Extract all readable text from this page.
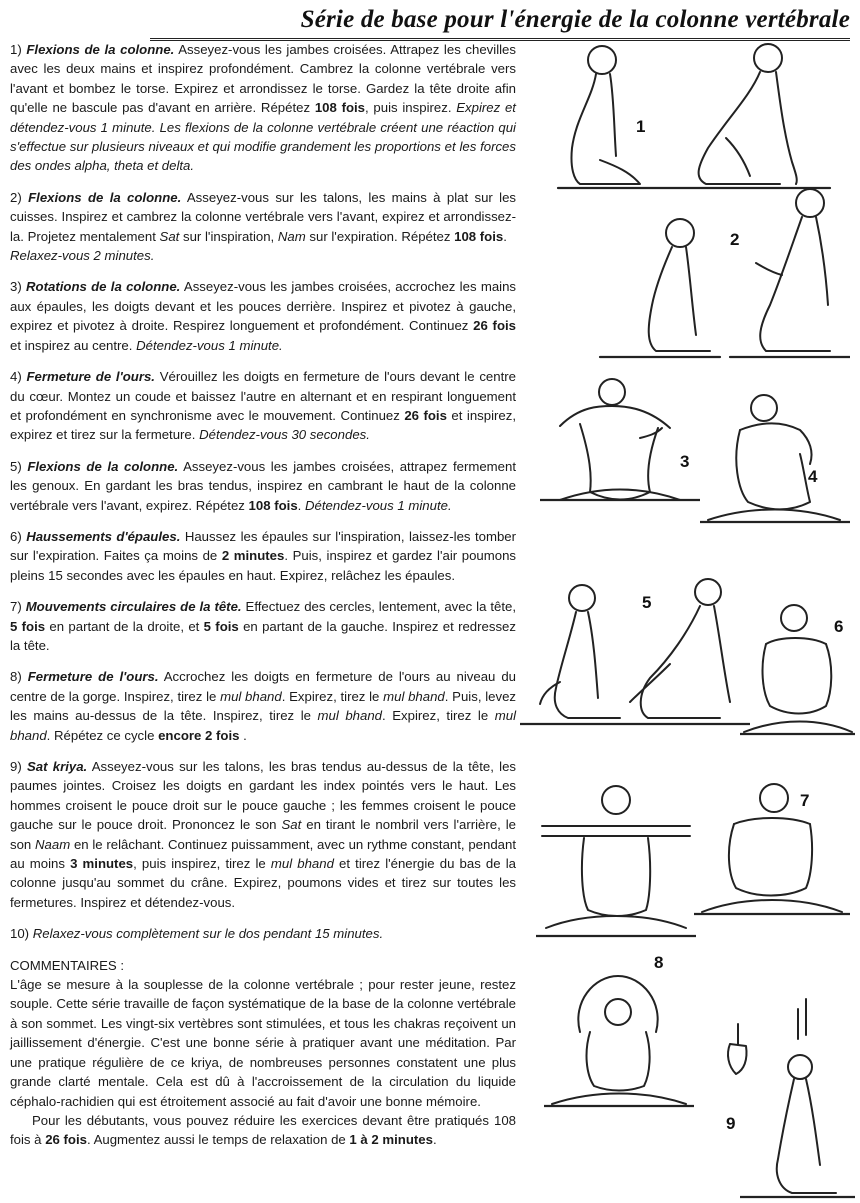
Série de base pour l'énergie de la colonne vertébrale

1) Flexions de la colonne. Asseyez-vous les jambes croisées. Attrapez les chevilles avec les deux mains et inspirez profondément. Cambrez la colonne vertébrale vers l'avant et bombez le torse. Expirez et arrondissez le torse. Gardez la tête droite afin qu'elle ne bascule pas d'avant en arrière. Répétez 108 fois, puis inspirez. Expirez et détendez-vous 1 minute. Les flexions de la colonne vertébrale créent une réaction qui s'effectue sur plusieurs niveaux et qui modifie grandement les proportions et les forces des ondes alpha, theta et delta.

2) Flexions de la colonne. Asseyez-vous sur les talons, les mains à plat sur les cuisses. Inspirez et cambrez la colonne vertébrale vers l'avant, expirez et arrondissez-la. Projetez mentalement Sat sur l'inspiration, Nam sur l'expiration. Répétez 108 fois.
Relaxez-vous 2 minutes.

3) Rotations de la colonne. Asseyez-vous les jambes croisées, accrochez les mains aux épaules, les doigts devant et les pouces derrière. Inspirez et pivotez à gauche, expirez et pivotez à droite. Respirez longuement et profondément. Continuez 26 fois et inspirez au centre. Détendez-vous 1 minute.

4) Fermeture de l'ours. Vérouillez les doigts en fermeture de l'ours devant le centre du cœur. Montez un coude et baissez l'autre en alternant et en respirant longuement et profondément en synchronisme avec le mouvement. Continuez 26 fois et inspirez, expirez et tirez sur la fermeture. Détendez-vous 30 secondes.

5) Flexions de la colonne. Asseyez-vous les jambes croisées, attrapez fermement les genoux. En gardant les bras tendus, inspirez en cambrant le haut de la colonne vertébrale vers l'avant, expirez. Répétez 108 fois. Détendez-vous 1 minute.

6) Haussements d'épaules. Haussez les épaules sur l'inspiration, laissez-les tomber sur l'expiration. Faites ça moins de 2 minutes. Puis, inspirez et gardez l'air poumons pleins 15 secondes avec les épaules en haut. Expirez, relâchez les épaules.

7) Mouvements circulaires de la tête. Effectuez des cercles, lentement, avec la tête, 5 fois en partant de la droite, et 5 fois en partant de la gauche. Inspirez et redressez la tête.

8) Fermeture de l'ours. Accrochez les doigts en fermeture de l'ours au niveau du centre de la gorge. Inspirez, tirez le mul bhand. Expirez, tirez le mul bhand. Puis, levez les mains au-dessus de la tête. Inspirez, tirez le mul bhand. Expirez, tirez le mul bhand. Répétez ce cycle encore 2 fois .

9) Sat kriya. Asseyez-vous sur les talons, les bras tendus au-dessus de la tête, les paumes jointes. Croisez les doigts en gardant les index pointés vers le haut. Les hommes croisent le pouce droit sur le pouce gauche ; les femmes croisent le pouce gauche sur le pouce droit. Prononcez le son Sat en tirant le nombril vers l'arrière, le son Naam en le relâchant. Continuez puissamment, avec un rythme constant, pendant au moins 3 minutes, puis inspirez, tirez le mul bhand et tirez l'énergie du bas de la colonne jusqu'au sommet du crâne. Expirez, poumons vides et tirez sur toutes les fermetures. Inspirez et détendez-vous.

10) Relaxez-vous complètement sur le dos pendant 15 minutes.

COMMENTAIRES :

L'âge se mesure à la souplesse de la colonne vertébrale ; pour rester jeune, restez souple. Cette série travaille de façon systématique de la base de la colonne vertébrale à son sommet. Les vingt-six vertèbres sont stimulées, et tous les chakras reçoivent un jaillissement d'énergie. C'est une bonne série à pratiquer avant une méditation. Par une pratique régulière de ce kriya, de nombreuses personnes constatent une plus grande clarté mentale. Cela est dû à l'accroissement de la circulation du liquide céphalo-rachidien qui est étroitement associé au fait d'avoir une bonne mémoire.

Pour les débutants, vous pouvez réduire les exercices devant être pratiqués 108 fois à 26 fois. Augmentez aussi le temps de relaxation de 1 à 2 minutes.

1
2
3
4
5
6
7
8
9
